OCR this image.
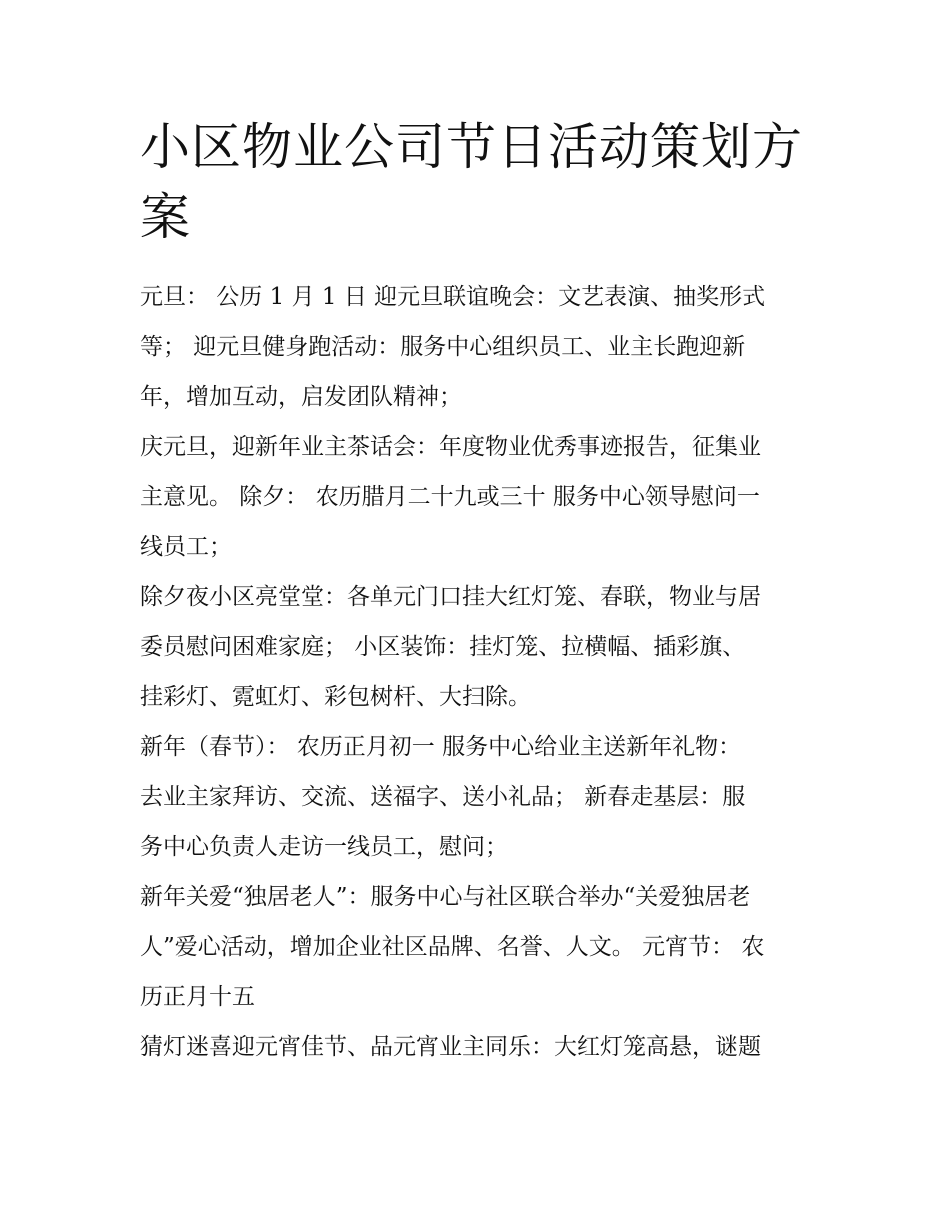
小区物业公司节日活动策划方
案

元旦： 公历 1 月 1 日 迎元旦联谊晚会：文艺表演、抽奖形式

等； 迎元旦健身跑活动：服务中心组织员工、业主长跑迎新

年，增加互动，启发团队精神；

庆元旦，迎新年业主茶话会：年度物业优秀事迹报告，征集业

主意见。 除夕： 农历腊月二十九或三十 服务中心领导慰问一

线员工；

除夕夜小区亮堂堂：各单元门口挂大红灯笼、春联，物业与居

委员慰问困难家庭； 小区装饰：挂灯笼、拉横幅、插彩旗、

挂彩灯、霓虹灯、彩包树杆、大扫除。

新年（春节）： 农历正月初一 服务中心给业主送新年礼物：

去业主家拜访、交流、送福字、送小礼品； 新春走基层：服

务中心负责人走访一线员工，慰问；

新年关爱“独居老人”：服务中心与社区联合举办“关爱独居老

人”爱心活动，增加企业社区品牌、名誉、人文。 元宵节： 农

历正月十五

猜灯迷喜迎元宵佳节、品元宵业主同乐：大红灯笼高悬，谜题
